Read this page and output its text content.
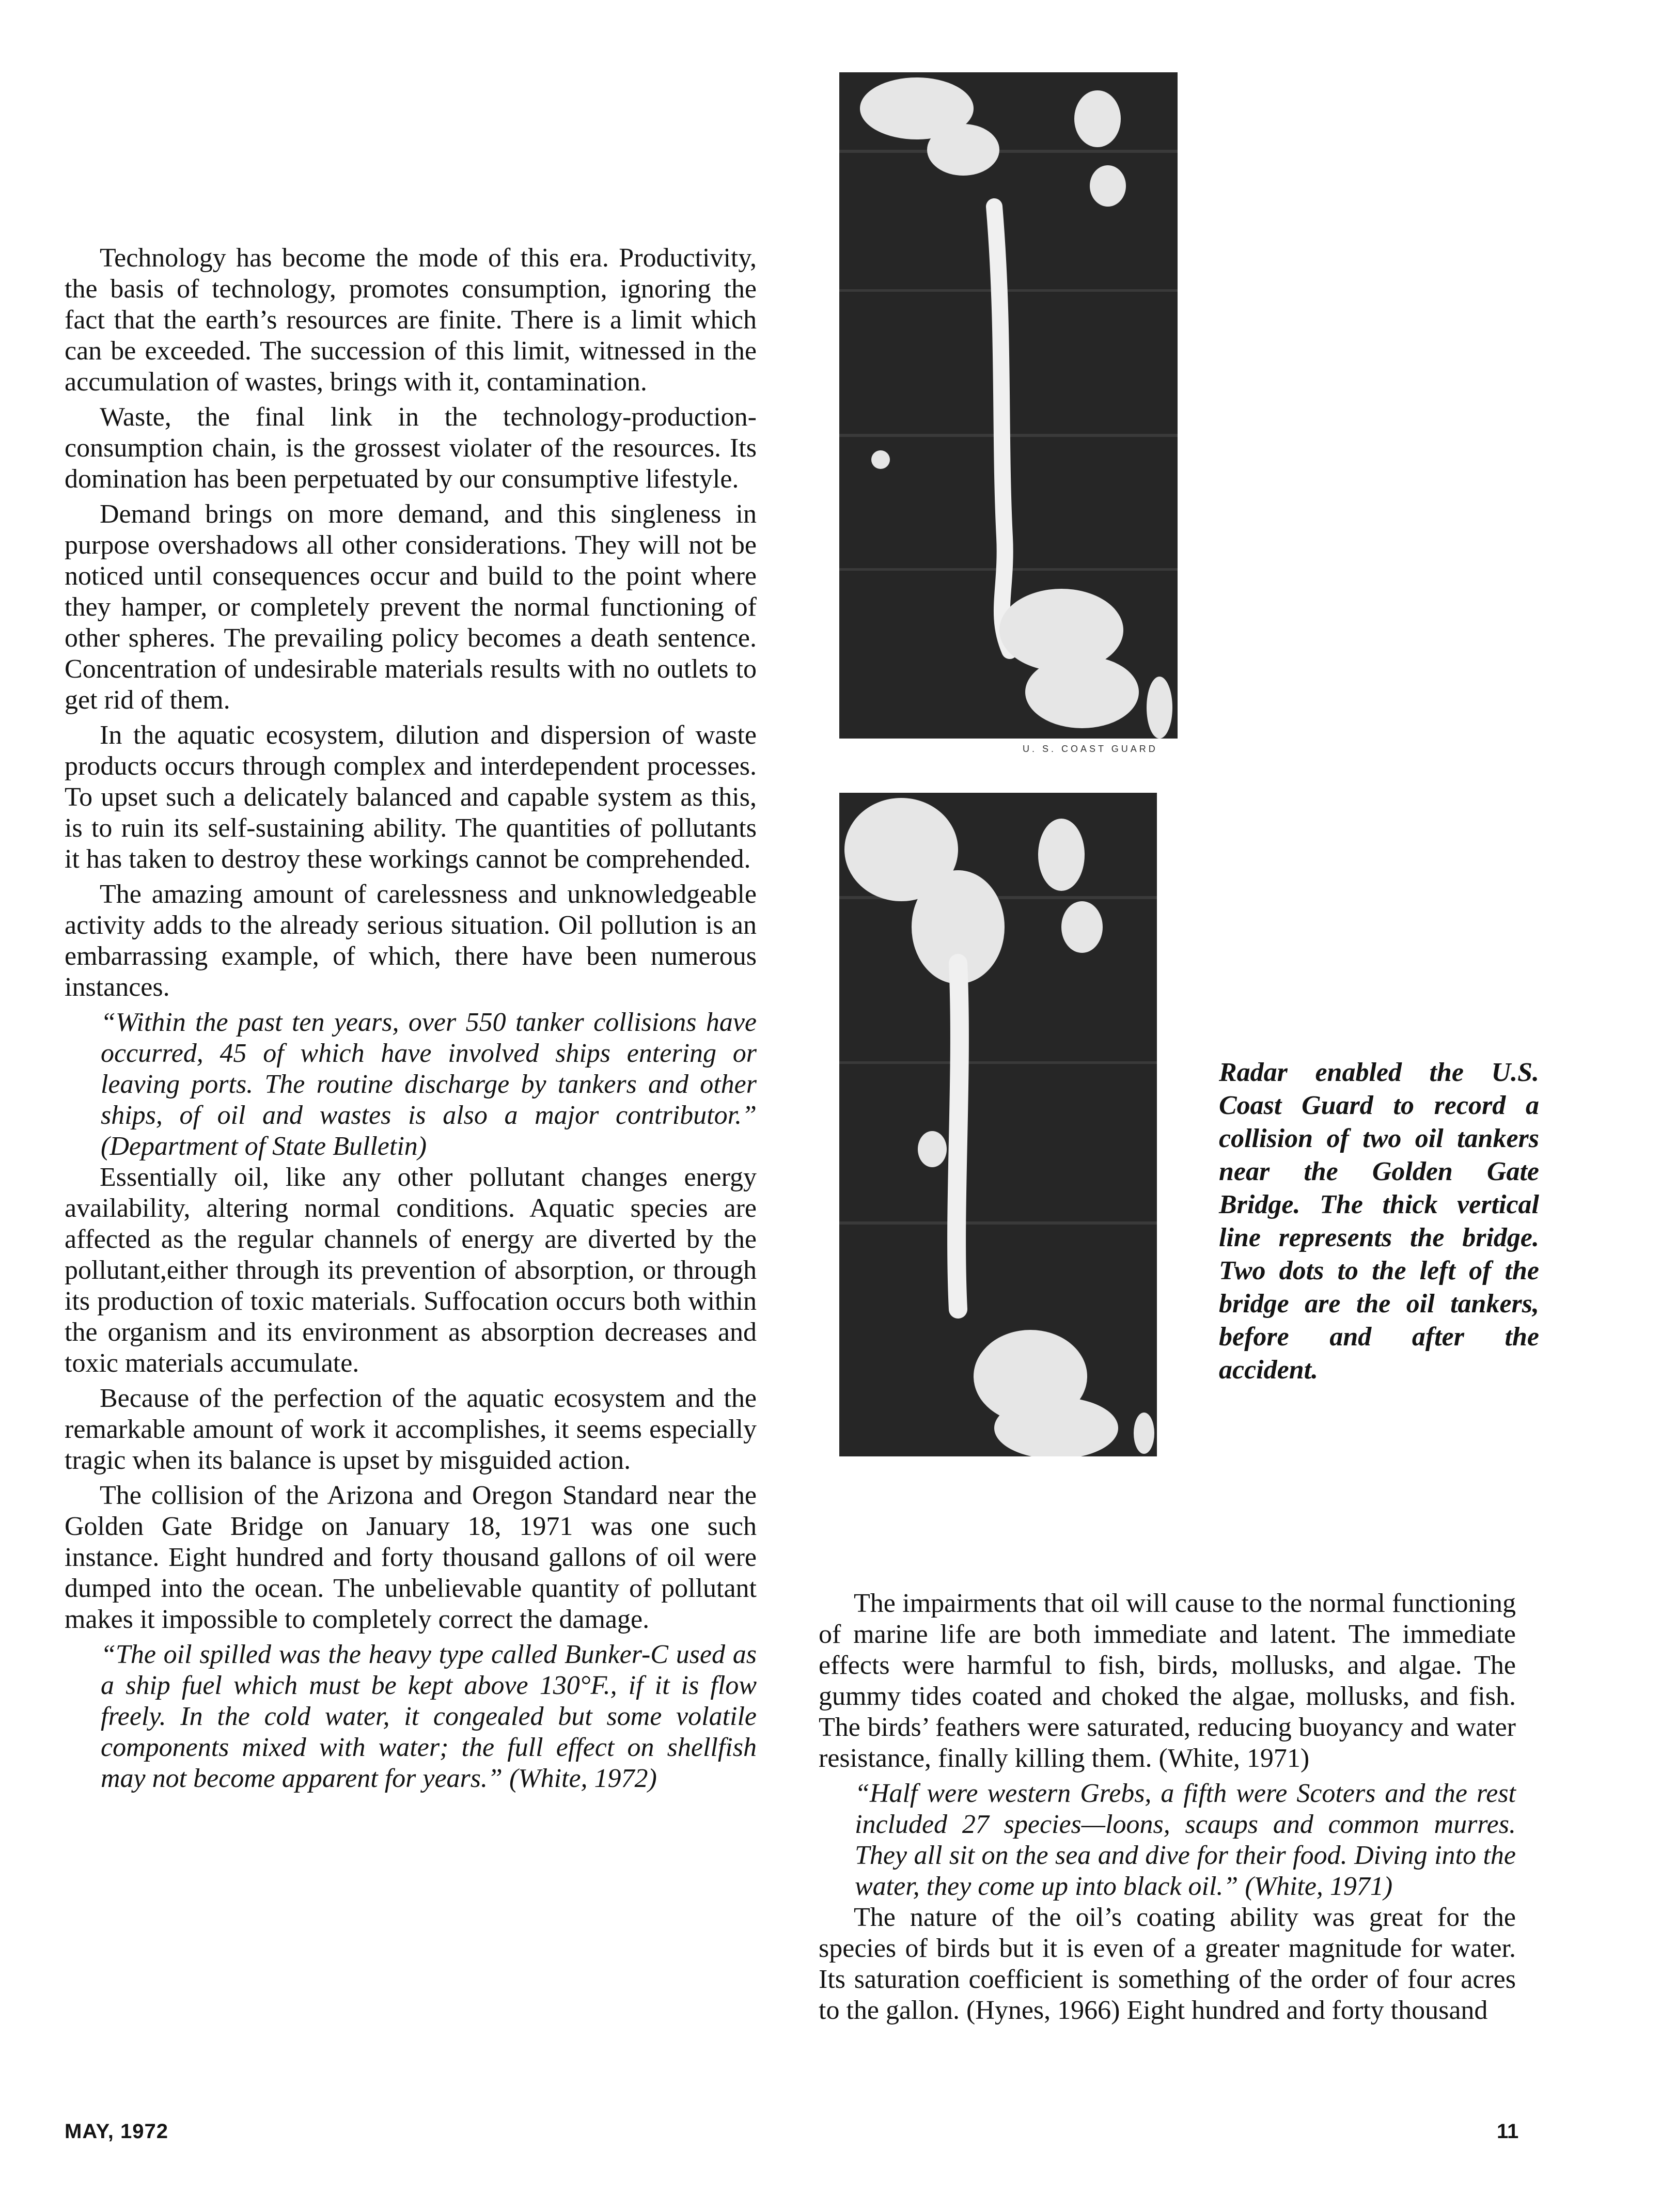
Technology has become the mode of this era. Productivity, the basis of technology, promotes consumption, ignoring the fact that the earth’s resources are finite. There is a limit which can be exceeded. The succession of this limit, witnessed in the accumulation of wastes, brings with it, contamination.

Waste, the final link in the technology-production-consumption chain, is the grossest violater of the resources. Its domination has been perpetuated by our consumptive lifestyle.

Demand brings on more demand, and this singleness in purpose overshadows all other considerations. They will not be noticed until consequences occur and build to the point where they hamper, or completely prevent the normal functioning of other spheres. The prevailing policy becomes a death sentence. Concentration of undesirable materials results with no outlets to get rid of them.

In the aquatic ecosystem, dilution and dispersion of waste products occurs through complex and interdependent processes. To upset such a delicately balanced and capable system as this, is to ruin its self-sustaining ability. The quantities of pollutants it has taken to destroy these workings cannot be comprehended.

The amazing amount of carelessness and unknowledgeable activity adds to the already serious situation. Oil pollution is an embarrassing example, of which, there have been numerous instances.

“Within the past ten years, over 550 tanker collisions have occurred, 45 of which have involved ships entering or leaving ports. The routine discharge by tankers and other ships, of oil and wastes is also a major contributor.” (Department of State Bulletin)

Essentially oil, like any other pollutant changes energy availability, altering normal conditions. Aquatic species are affected as the regular channels of energy are diverted by the pollutant,either through its prevention of absorption, or through its production of toxic materials. Suffocation occurs both within the organism and its environment as absorption decreases and toxic materials accumulate.

Because of the perfection of the aquatic ecosystem and the remarkable amount of work it accomplishes, it seems especially tragic when its balance is upset by misguided action.

The collision of the Arizona and Oregon Standard near the Golden Gate Bridge on January 18, 1971 was one such instance. Eight hundred and forty thousand gallons of oil were dumped into the ocean. The unbelievable quantity of pollutant makes it impossible to completely correct the damage.

“The oil spilled was the heavy type called Bunker-C used as a ship fuel which must be kept above 130°F., if it is flow freely. In the cold water, it congealed but some volatile components mixed with water; the full effect on shellfish may not become apparent for years.” (White, 1972)

U. S. COAST GUARD
Radar enabled the U.S. Coast Guard to record a collision of two oil tankers near the Golden Gate Bridge. The thick vertical line represents the bridge. Two dots to the left of the bridge are the oil tankers, before and after the accident.

The impairments that oil will cause to the normal functioning of marine life are both immediate and latent. The immediate effects were harmful to fish, birds, mollusks, and algae. The gummy tides coated and choked the algae, mollusks, and fish. The birds’ feathers were saturated, reducing buoyancy and water resistance, finally killing them. (White, 1971)

“Half were western Grebs, a fifth were Scoters and the rest included 27 species—loons, scaups and common murres. They all sit on the sea and dive for their food. Diving into the water, they come up into black oil.” (White, 1971)

The nature of the oil’s coating ability was great for the species of birds but it is even of a greater magnitude for water. Its saturation coefficient is something of the order of four acres to the gallon. (Hynes, 1966) Eight hundred and forty thousand

MAY, 1972	11
